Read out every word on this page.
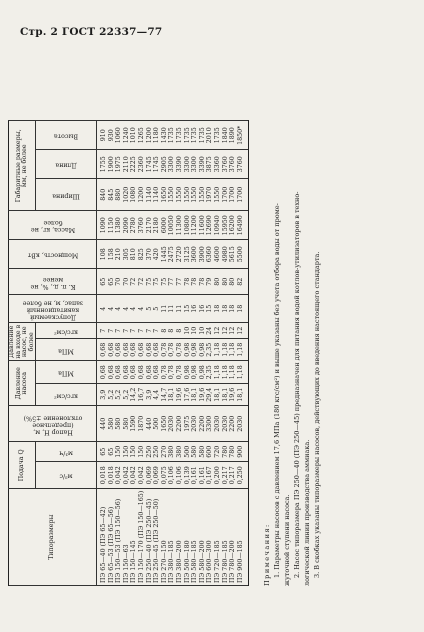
Стр. 2 ГОСТ 22337—77
Типоразмеры	Подача Q		Напор H, м, (предельное отклонение ±5%)	Давление насоса		Давление на входе в насос, не более		Допускаемый кавитационный запас, м, не более	К. п. д., %, не менее	Мощность, кВт	Масса, кг, не более	Габаритные размеры, мм, не более		

	м³/с	м³/ч		кгс/см²	МПа	МПа	кгс/см²					Ширина	Длина	Высота

ПЭ 65—40 (ПЭ 65—42)	0,018	65	440	3,9	0,68	0,68	7	4	65	108	1090	840	1755	910
ПЭ 65—53 (ПЭ 65—56)	0,018	65	580	5,2	0,68	0,68	7	4	65	158	1150	845	1900	930
ПЭ 150—53 (ПЭ 150—56)	0,042	150	580	5,2	0,68	0,68	7	4	70	210	1380	880	1975	1060
ПЭ 150—63	0,042	150	580	5,2	0,68	0,68	7	4	70	305	2090	1020	2110	1240
ПЭ 150—145	0,042	150	1590	14,2	0,68	0,68	7	4	72	810	2780	1080	2225	1010
ПЭ 150—170 (ПЭ 150—165)	0,042	150	1870	16,7	0,68	0,68	7	4	72	825	3760	1200	2360	1265
ПЭ 250—40 (ПЭ 250—45)	0,069	250	440	3,9	0,68	0,68	7	5	75	370	2170	1140	1745	1200
ПЭ 250—45 (ПЭ 250—50)	0,069	250	500	4,4	0,68	0,68	7	5	75	420	2180	1140	1745	1180
ПЭ 270—150	0,075	270	1650	14,7	0,78	0,78	8	11	75	1445	6000	1650	2905	1430
ПЭ 380—185	0,106	380	2030	18,1	0,78	0,78	8	11	77	2475	10050	1550	3300	1735
ПЭ 380—200	0,106	380	2200	19,6	0,78	0,78	8	11	77	2720	11300	1550	3390	1735
ПЭ 500—180	0,139	500	1975	17,6	0,98	0,98	10	15	78	3125	10800	1550	3300	1735
ПЭ 580—185	0,161	580	2030	18,1	0,98	0,98	10	16	78	3600	11200	1550	3300	1735
ПЭ 580—200	0,161	580	2200	19,6	0,98	0,98	10	16	78	3900	11600	1550	3390	1735
ПЭ 600—300	0,167	600	3300	29,4	2,35	2,35	24	15	79	6360	12690	1970	3875	2010
ПЭ 720—185	0,200	720	2030	18,1	1,18	1,18	12	18	80	4600	10940	1550	3360	1735
ПЭ 780—185	0,217	780	2030	18,1	1,18	1,18	12	18	80	4980	15950	1700	3760	1840
ПЭ 780—200	0,217	780	2200	19,6	1,18	1,18	12	18	80	5615	16200	1700	3760	1890
ПЭ 900—185	0,250	900	2030	18,1	1,18	1,18	12	18	82	5500	16490	1700	3760	1850*
Примечания: 1. Параметры насосов с давлением 17,6 МПа (180 кгс/см²) и выше указаны без учета отбора воды от проме- жуточной ступени насоса. 2. Насос типоразмера ПЭ 250—40 (ПЭ 250—45) предназначен для питания водой котлов-утилизаторов в техно- логической линии производства аммиака. 3. В скобках указаны типоразмеры насосов, действующих до введения настоящего стандарта.
